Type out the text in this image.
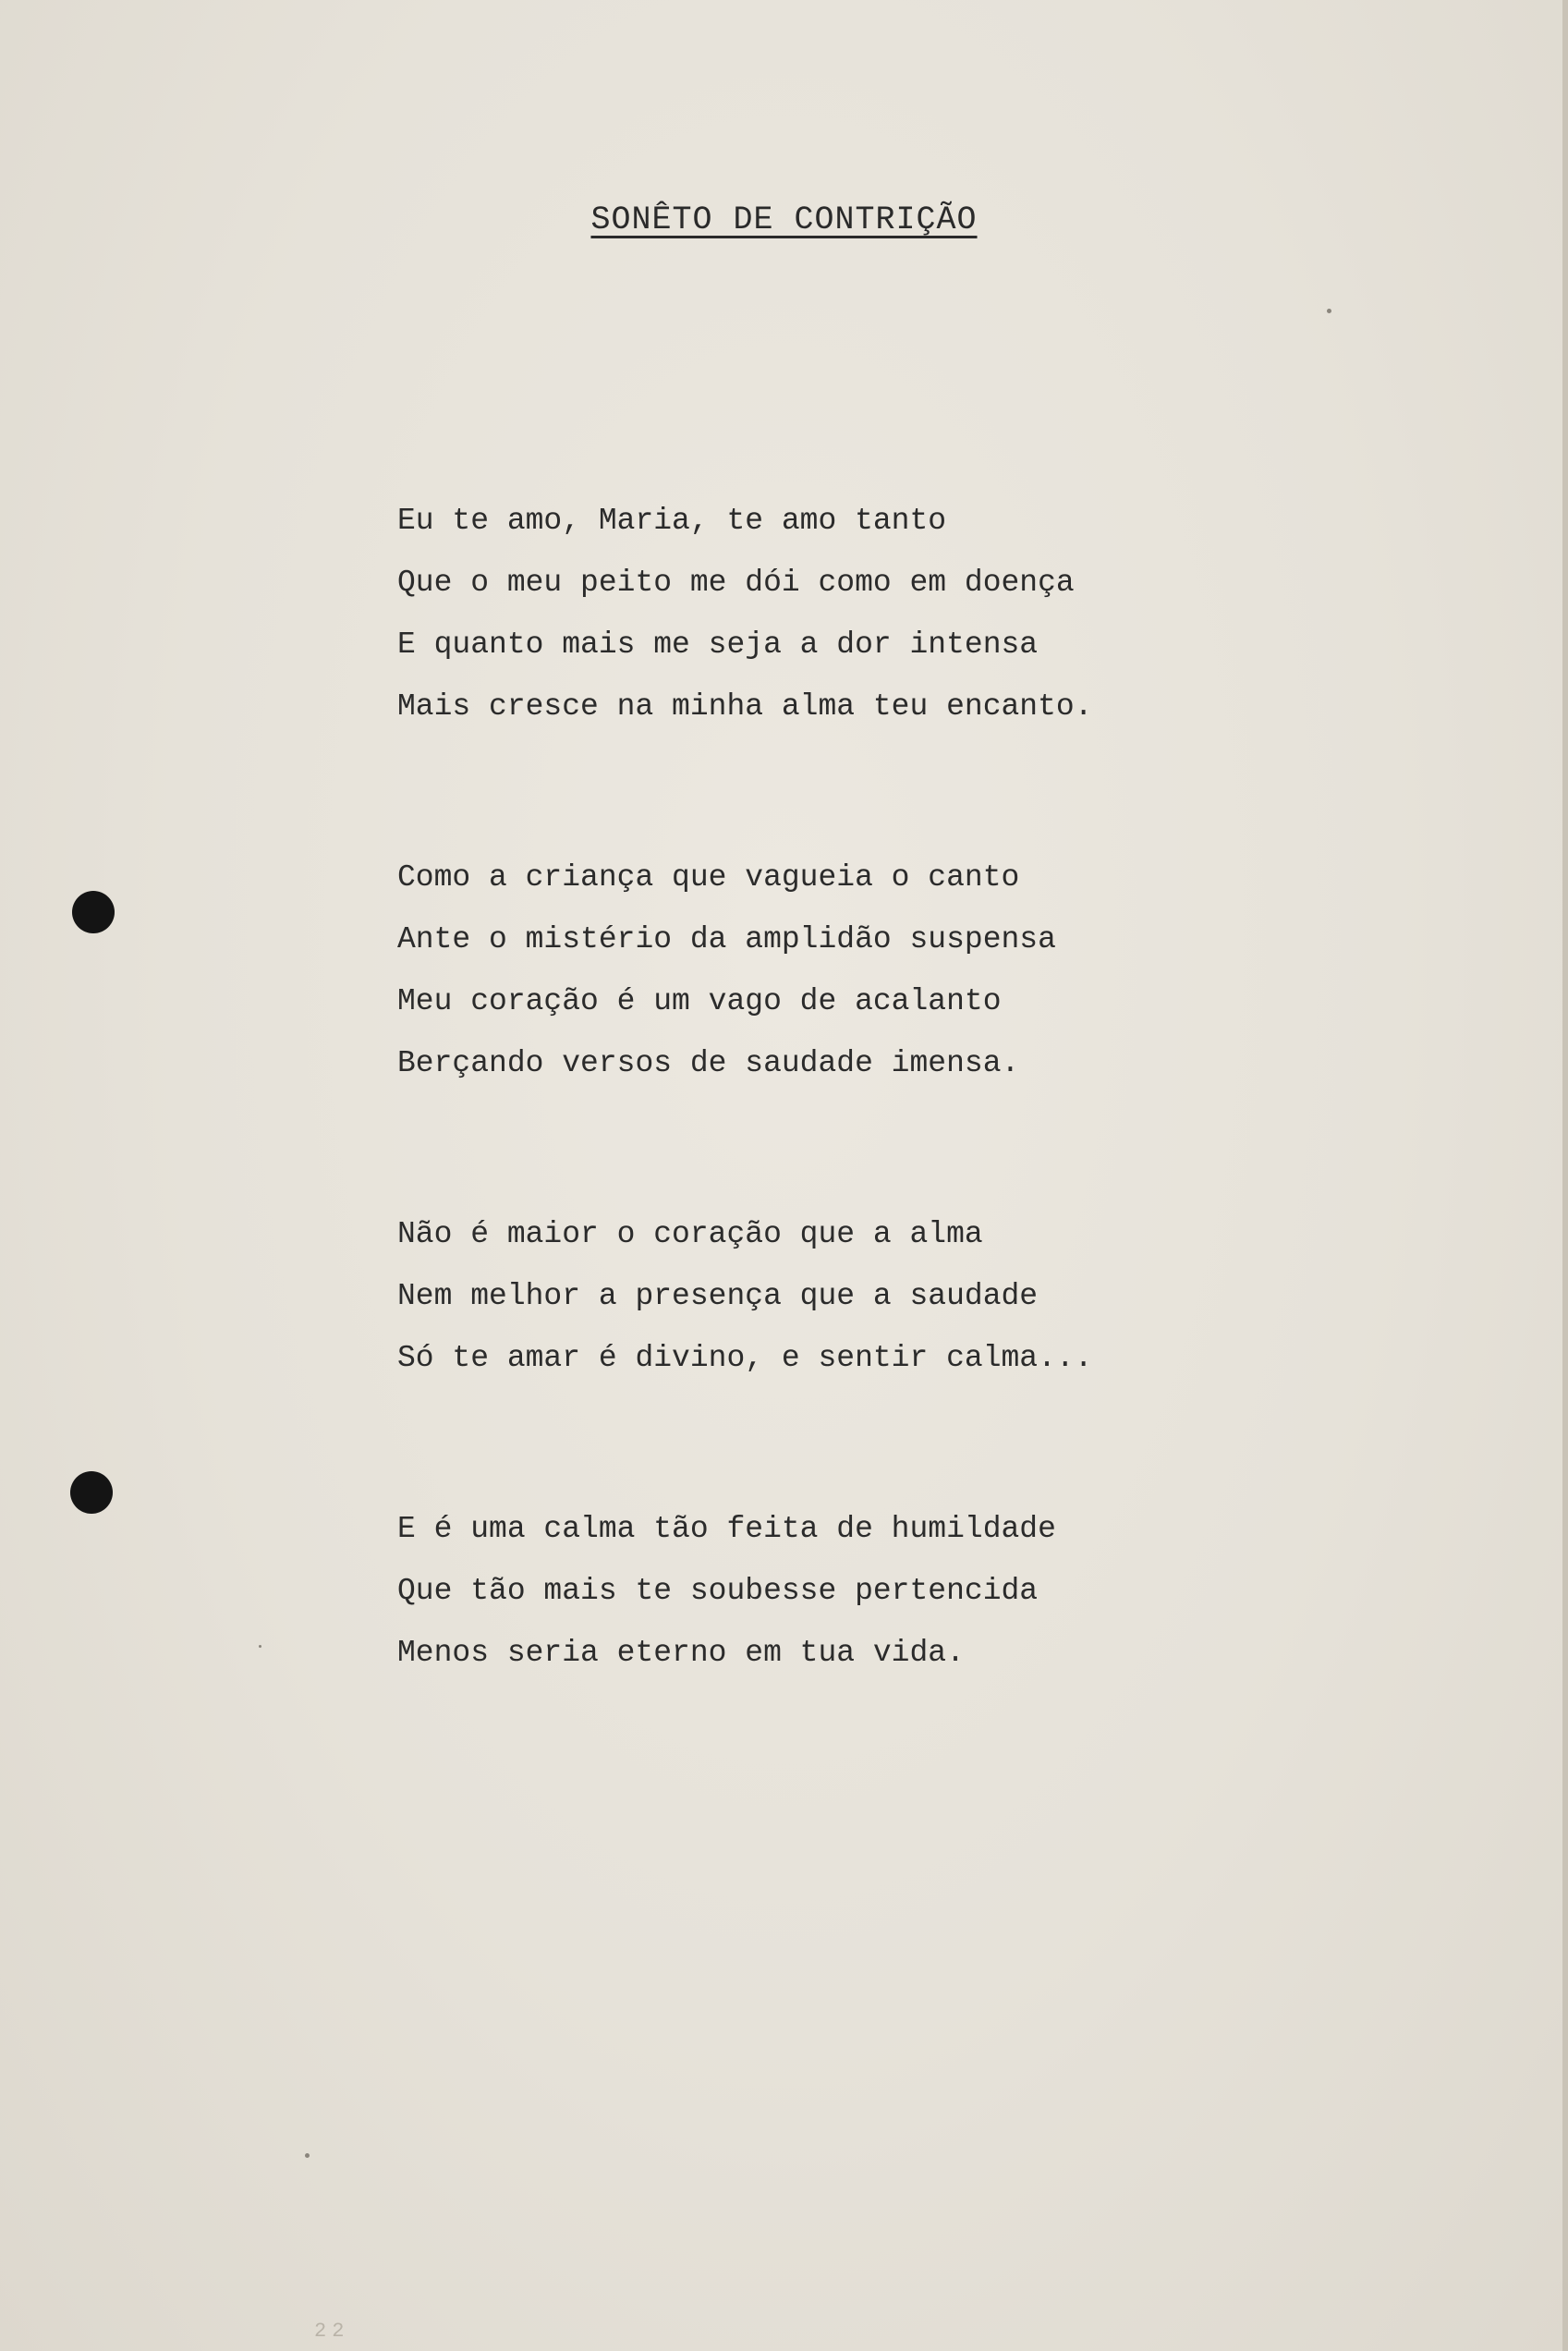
SONÊTO DE CONTRIÇÃO
Eu te amo, Maria, te amo tanto
Que o meu peito me dói como em doença
E quanto mais me seja a dor intensa
Mais cresce na minha alma teu encanto.
Como a criança que vagueia o canto
Ante o mistério da amplidão suspensa
Meu coração é um vago de acalanto
Berçando versos de saudade imensa.
Não é maior o coração que a alma
Nem melhor a presença que a saudade
Só te amar é divino, e sentir calma...
E é uma calma tão feita de humildade
Que tão mais te soubesse pertencida
Menos seria eterno em tua vida.
22
